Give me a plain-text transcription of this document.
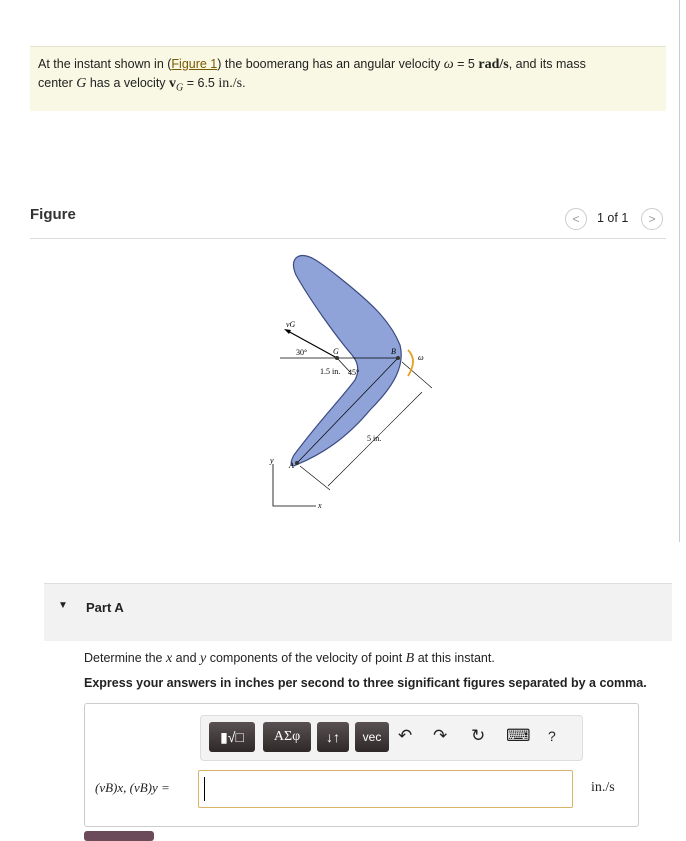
At the instant shown in (Figure 1) the boomerang has an angular velocity ω = 5 rad/s, and its mass
center G has a velocity $v_G = 6.5$ in./s.
Figure	<	1 of 1	>
vG
30°	G	B
ω
1.5 in. 45°
5 in.
A
y
x
▼ Part A
Determine the x and y components of the velocity of point B at this instant.
Express your answers in inches per second to three significant figures separated by a comma.
▮√□	ΑΣφ	↓↑	vec ↶ ↷ ↻ ⌨ ?
(vB)x, (vB)y =	in./s
